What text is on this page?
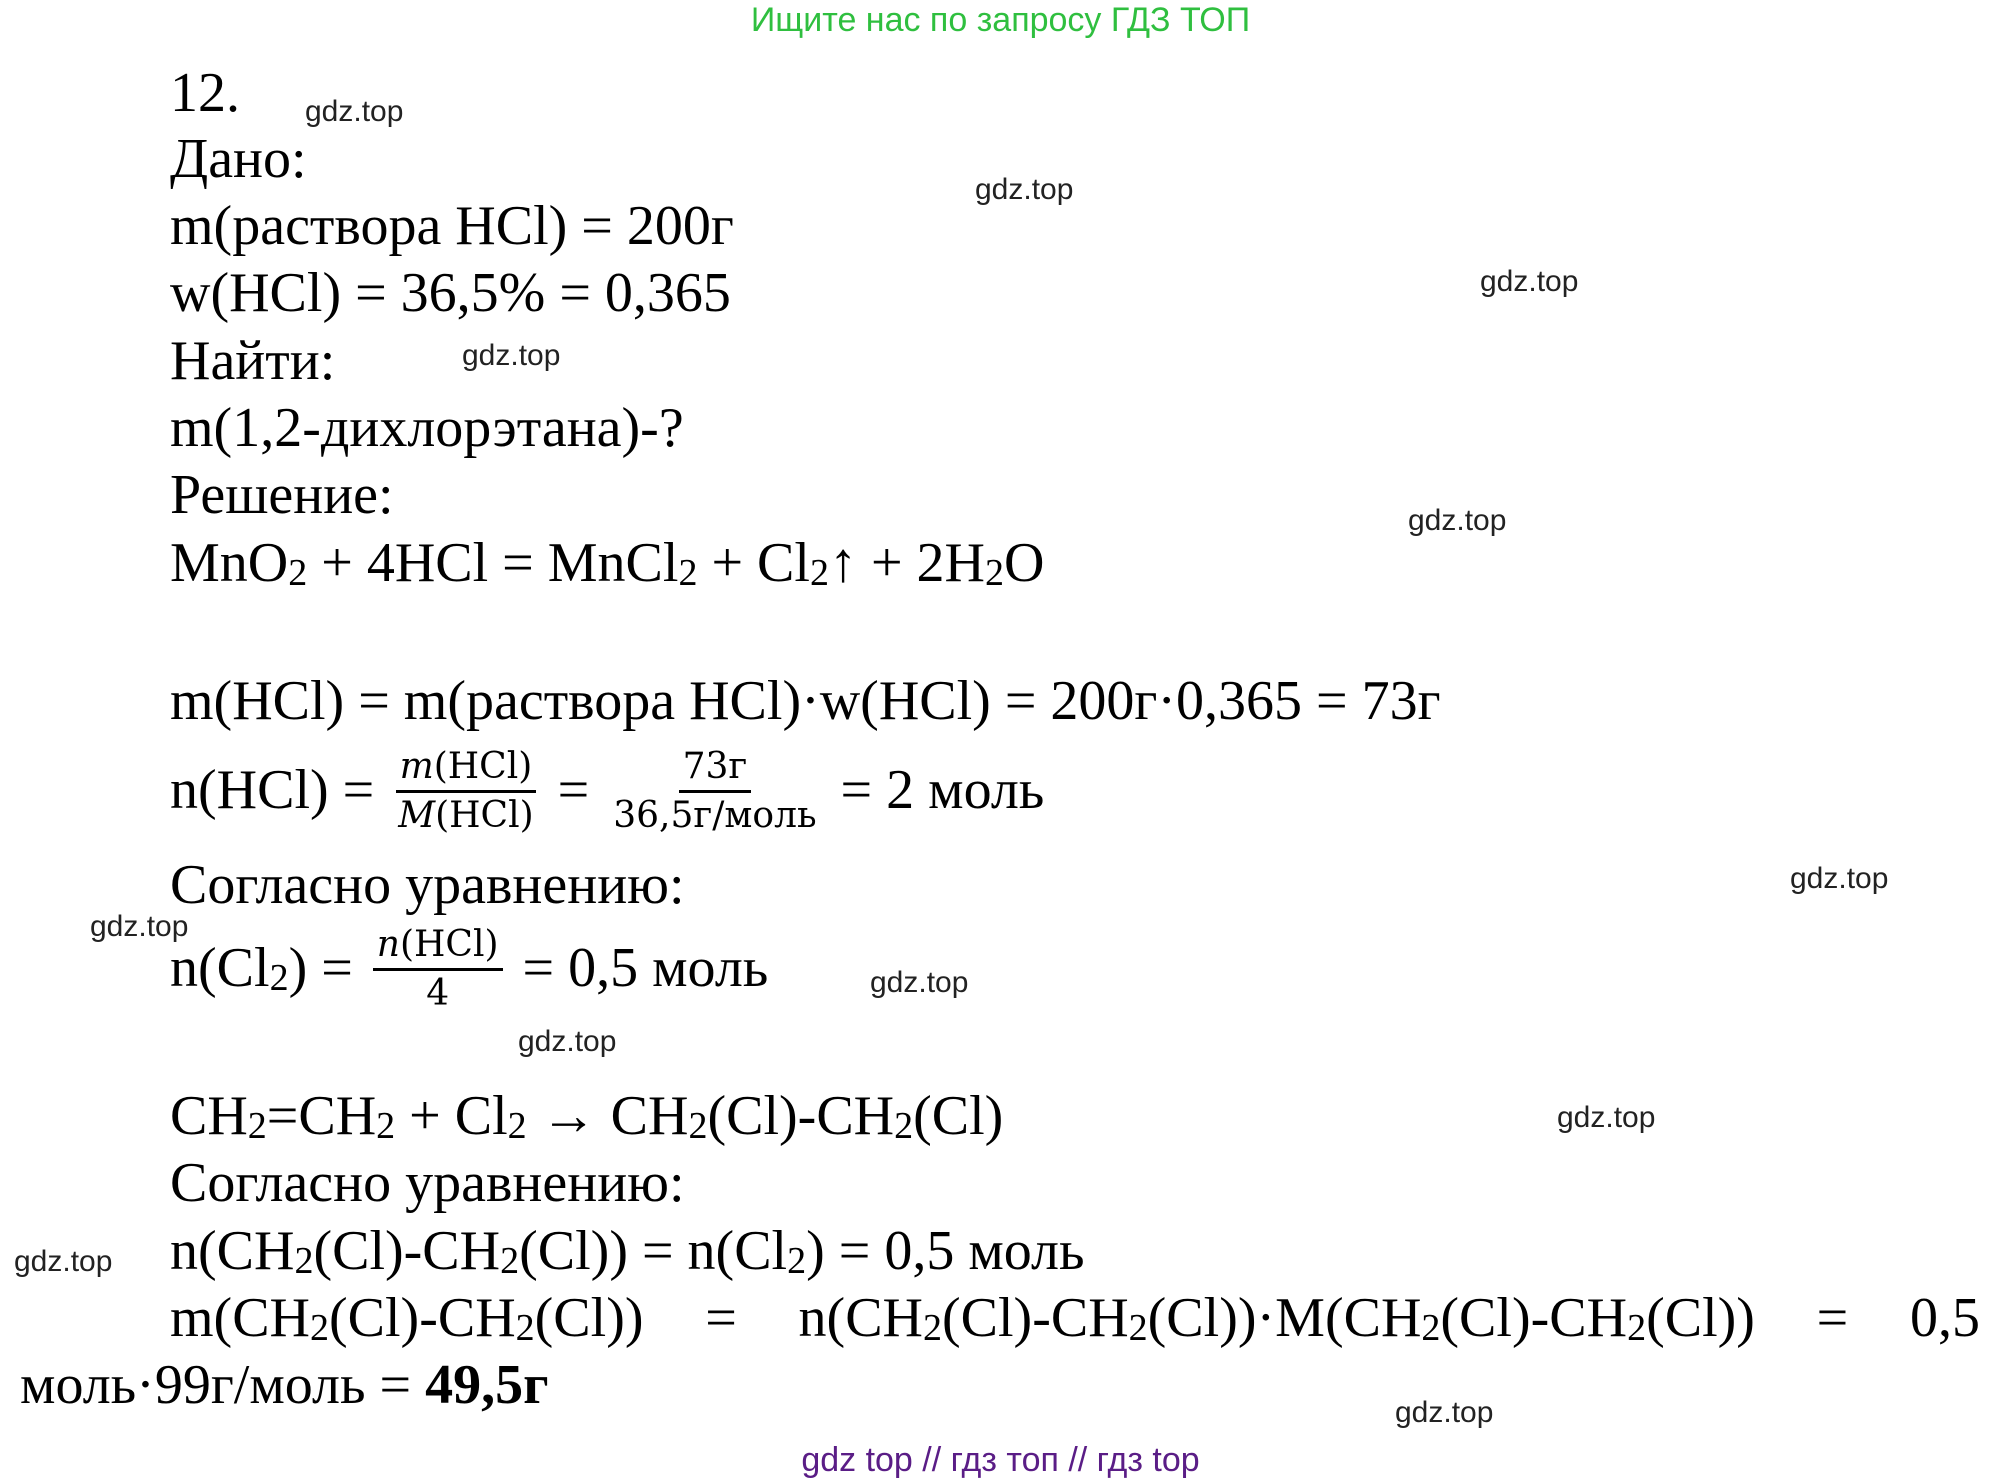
Ищите нас по запросу ГДЗ ТОП
gdz.top
gdz.top
gdz.top
gdz.top
gdz.top
gdz.top
gdz.top
gdz.top
gdz.top
gdz.top
gdz.top
gdz.top
12.
Дано:
m(раствора HCl) = 200г
w(HCl) = 36,5% = 0,365
Найти:
m(1,2-дихлорэтана)-?
Решение:
MnO$_2$ + 4HCl = MnCl$_2$ + $Cl_2↑ + 2H_2O$
m(HCl) = m(раствора HCl)·w(HCl) = 200г·0,365 = 73г
$n(HCl) = \frac{\text{m(HCl)}}{\text{M(HCl)}} = \frac{73г}{\text{36,5г/моль}} = 2$ моль
Согласно уравнению:
$n(Cl_2) = \frac{\text{n(HCl)}}{4} = 0,5$ моль
$CH_2=CH_2 + Cl_2 \to CH_2(Cl)-CH_2(Cl)$
Согласно уравнению:
$n(CH_2(Cl)-CH_2(Cl)) = n(Cl_2) = 0,5$ моль
$m(CH_2(Cl)-CH_2(Cl)) = n(CH_2(Cl)-CH_2(Cl))\cdot M(CH_2(Cl)-CH_2(Cl)) = 0,5$
моль·99г/моль = 49,5г
gdz top // гдз топ // гдз top
